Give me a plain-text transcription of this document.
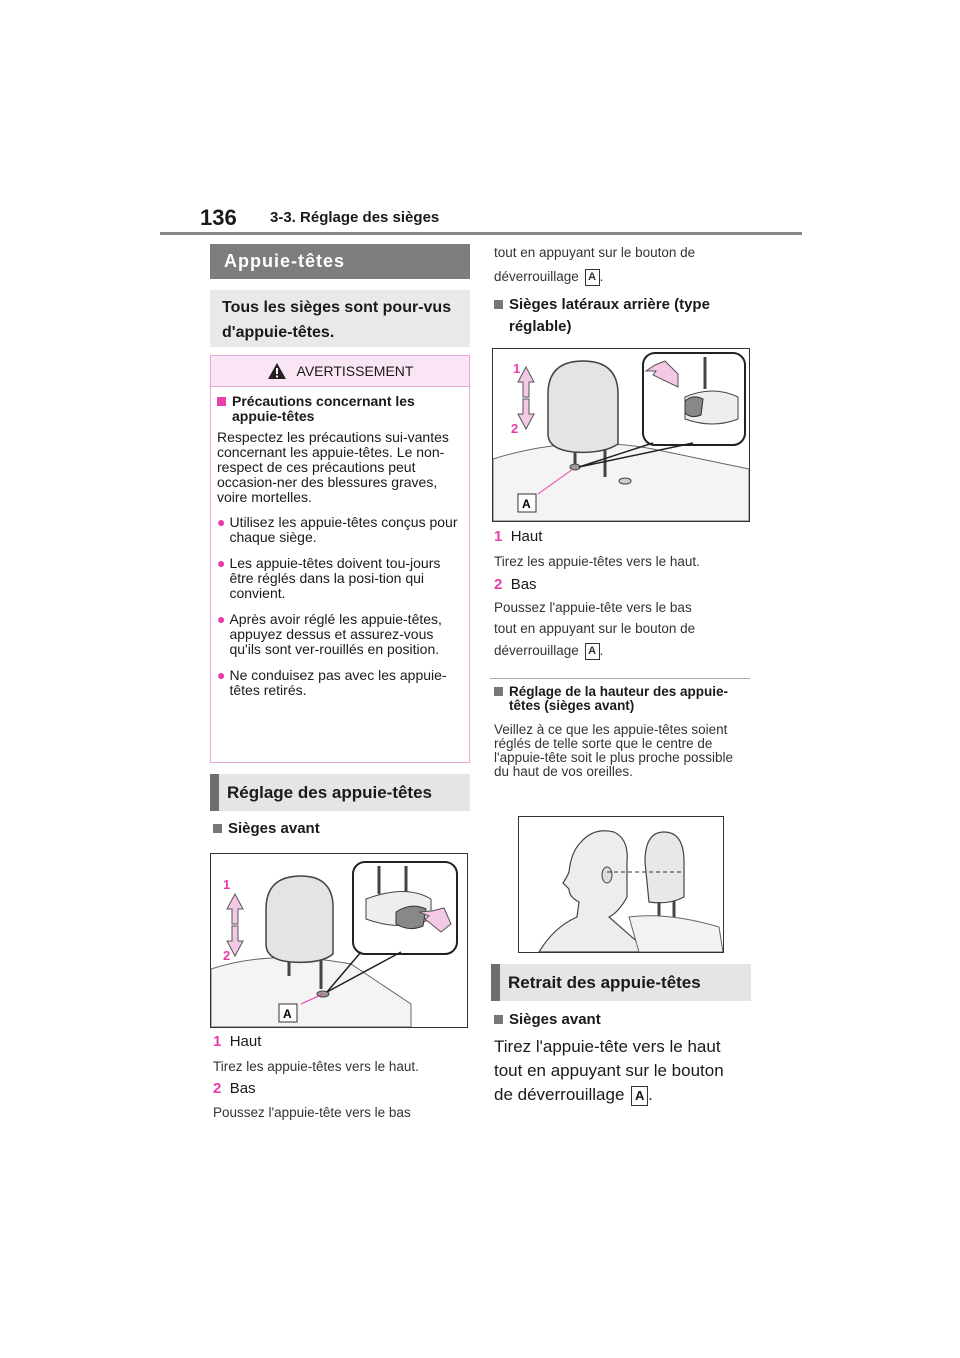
136 3-3. Réglage des sièges
Appuie-têtes
Tous les sièges sont pour-vus d'appuie-têtes.
AVERTISSEMENT
Précautions concernant les appuie-têtes
Respectez les précautions sui-vantes concernant les appuie-têtes. Le non-respect de ces précautions peut occasion-ner des blessures graves, voire mortelles.
● Utilisez les appuie-têtes conçus pour chaque siège.
● Les appuie-têtes doivent tou-jours être réglés dans la posi-tion qui convient.
● Après avoir réglé les appuie-têtes, appuyez dessus et assurez-vous qu'ils sont ver-rouillés en position.
● Ne conduisez pas avec les appuie-têtes retirés.
Réglage des appuie-têtes
Sièges avant
1
2
A
1 Haut
Tirez les appuie-têtes vers le haut.
2 Bas
Poussez l'appuie-tête vers le bas
tout en appuyant sur le bouton de
déverrouillage A .
Sièges latéraux arrière (type réglable)
1
2
A
1 Haut
Tirez les appuie-têtes vers le haut.
2 Bas
Poussez l'appuie-tête vers le bas
tout en appuyant sur le bouton de
déverrouillage A .
Réglage de la hauteur des appuie-têtes (sièges avant)
Veillez à ce que les appuie-têtes soient réglés de telle sorte que le centre de l'appuie-tête soit le plus proche possible du haut de vos oreilles.
Retrait des appuie-têtes
Sièges avant
Tirez l'appuie-tête vers le haut
tout en appuyant sur le bouton
de déverrouillage A .
